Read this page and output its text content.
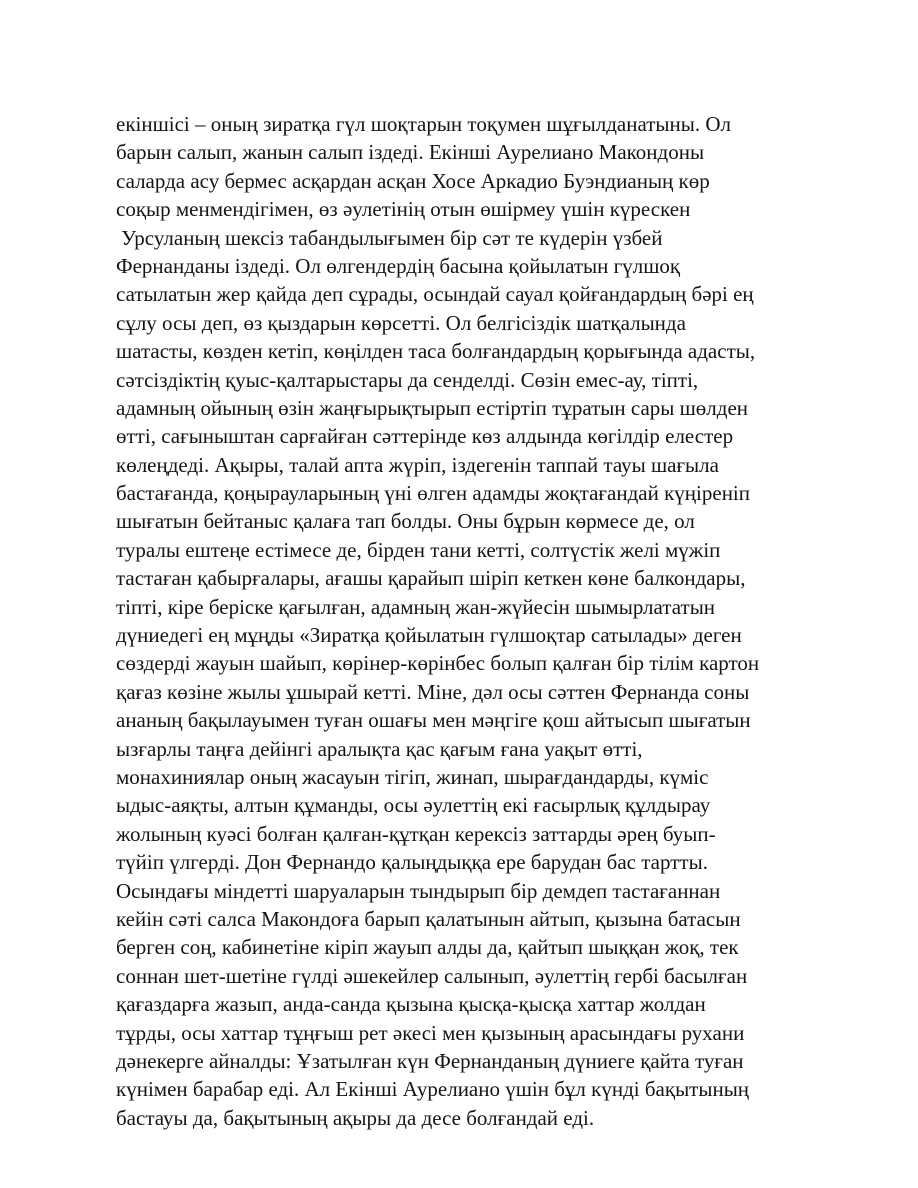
екіншісі – оның зиратқа гүл шоқтарын тоқумен шұғылданатыны. Ол
барын салып, жанын салып іздеді. Екінші Аурелиано Макондоны
саларда асу бермес асқардан асқан Хосе Аркадио Буэндианың көр
соқыр менмендігімен, өз әулетінің отын өшірмеу үшін күрескен
Урсуланың шексіз табандылығымен бір сәт те күдерін үзбей
Фернанданы іздеді. Ол өлгендердің басына қойылатын гүлшоқ
сатылатын жер қайда деп сұрады, осындай сауал қойғандардың бәрі ең
сұлу осы деп, өз қыздарын көрсетті. Ол белгісіздік шатқалында
шатасты, көзден кетіп, көңілден таса болғандардың қорығында адасты,
сәтсіздіктің қуыс-қалтарыстары да сенделді. Сөзін емес-ау, тіпті,
адамның ойының өзін жаңғырықтырып естіртіп тұратын сары шөлден
өтті, сағыныштан сарғайған сәттерінде көз алдында көгілдір елестер
көлеңдеді. Ақыры, талай апта жүріп, іздегенін таппай тауы шағыла
бастағанда, қоңырауларының үні өлген адамды жоқтағандай күңіреніп
шығатын бейтаныс қалаға тап болды. Оны бұрын көрмесе де, ол
туралы ештеңе естімесе де, бірден тани кетті, солтүстік желі мүжіп
тастаған қабырғалары, ағашы қарайып шіріп кеткен көне балкондары,
тіпті, кіре беріске қағылған, адамның жан-жүйесін шымырлататын
дүниедегі ең мұңды «Зиратқа қойылатын гүлшоқтар сатылады» деген
сөздерді жауын шайып, көрінер-көрінбес болып қалған бір тілім картон
қағаз көзіне жылы ұшырай кетті. Міне, дәл осы сәттен Фернанда соны
ананың бақылауымен туған ошағы мен мәңгіге қош айтысып шығатын
ызғарлы таңға дейінгі аралықта қас қағым ғана уақыт өтті,
монахиниялар оның жасауын тігіп, жинап, шырағдандарды, күміс
ыдыс-аяқты, алтын құманды, осы әулеттің екі ғасырлық құлдырау
жолының куәсі болған қалған-құтқан керексіз заттарды әрең буып-
түйіп үлгерді. Дон Фернандо қалыңдыққа ере барудан бас тартты.
Осындағы міндетті шаруаларын тындырып бір демдеп тастағаннан
кейін сәті салса Макондоға барып қалатынын айтып, қызына батасын
берген соң, кабинетіне кіріп жауып алды да, қайтып шыққан жоқ, тек
соннан шет-шетіне гүлді әшекейлер салынып, әулеттің гербі басылған
қағаздарға жазып, анда-санда қызына қысқа-қысқа хаттар жолдан
тұрды, осы хаттар тұңғыш рет әкесі мен қызының арасындағы рухани
дәнекерге айналды: Ұзатылған күн Фернанданың дүниеге қайта туған
күнімен барабар еді. Ал Екінші Аурелиано үшін бұл күнді бақытының
бастауы да, бақытының ақыры да десе болғандай еді.
